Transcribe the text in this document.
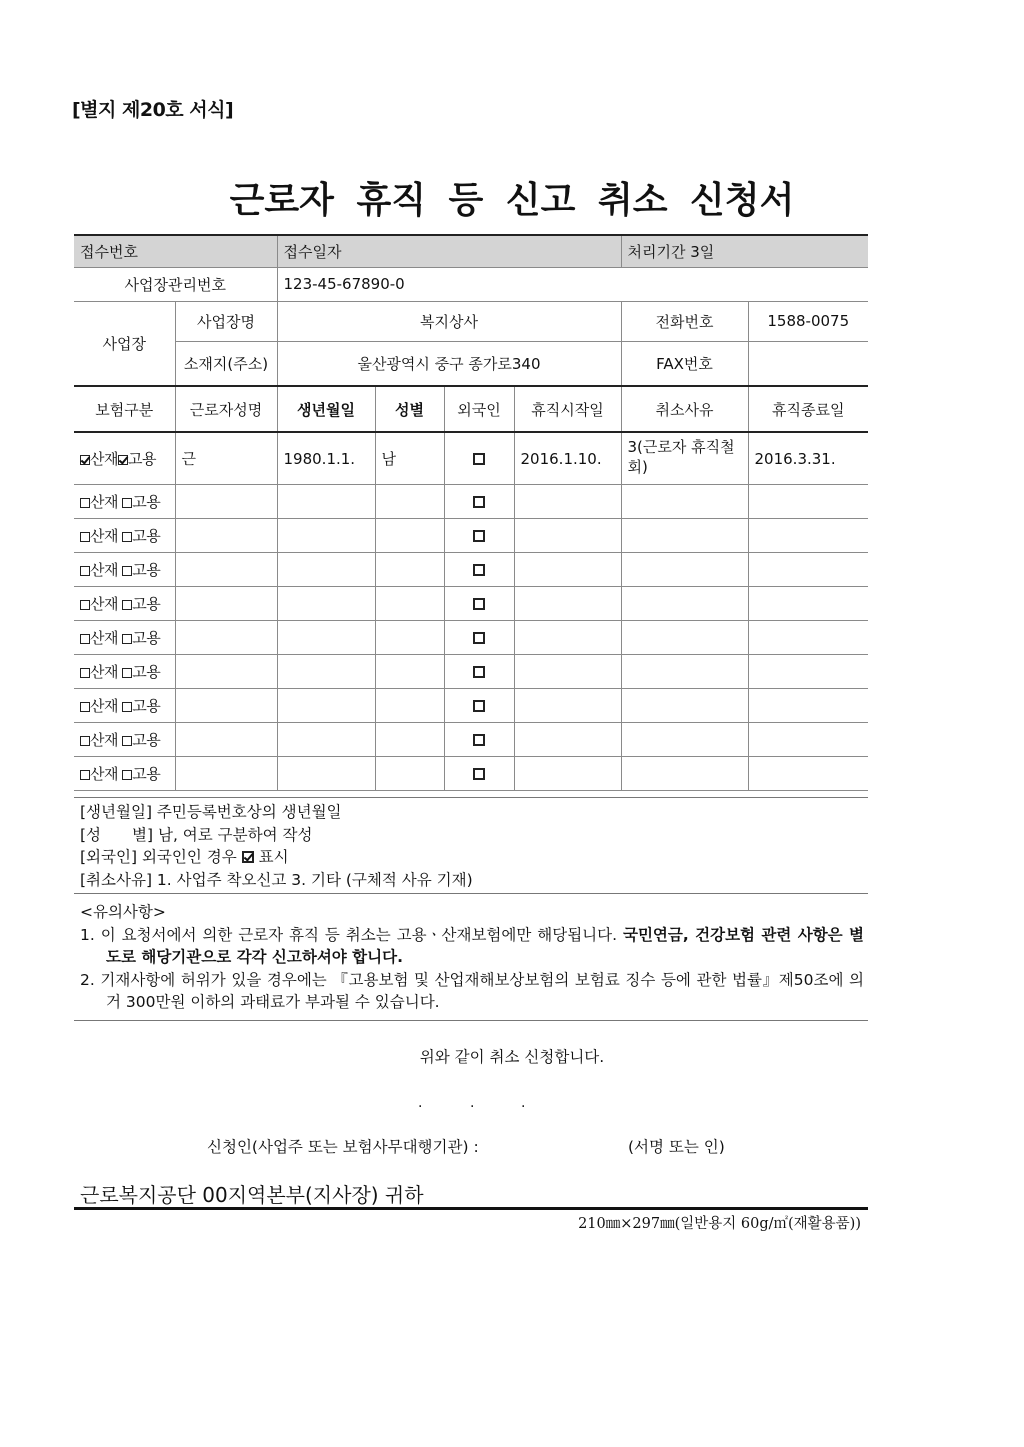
[별지 제20호 서식]
근로자 휴직 등 신고 취소 신청서
접수번호		접수일자	처리기간 3일	
사업장관리번호		123-45-67890-0		
사업장	사업장명	복지상사	전화번호	1588-0075
	소재지(주소)	울산광역시 중구 종가로340	FAX번호	
보험구분	근로자성명	생년월일	성별	외국인	휴직시작일	취소사유	휴직종료일
산재 고용	근	1980.1.1.	남		2016.1.10.	3(근로자 휴직철회)	2016.3.31.
산재 고용							
산재 고용							
산재 고용							
산재 고용							
산재 고용							
산재 고용							
산재 고용							
산재 고용							
산재 고용							
[생년월일] 주민등록번호상의 생년월일
[성　　별] 남, 여로 구분하여 작성
[외국인] 외국인인 경우 표시
[취소사유] 1. 사업주 착오신고 3. 기타 (구체적 사유 기재)
<유의사항>
1. 이 요청서에서 의한 근로자 휴직 등 취소는 고용ㆍ산재보험에만 해당됩니다. 국민연금, 건강보험 관련 사항은 별도로 해당기관으로 각각 신고하셔야 합니다.
2. 기재사항에 허위가 있을 경우에는 『고용보험 및 산업재해보상보험의 보험료 징수 등에 관한 법률』제50조에 의거 300만원 이하의 과태료가 부과될 수 있습니다.
위와 같이 취소 신청합니다.
.	.	.
신청인(사업주 또는 보험사무대행기관) :	(서명 또는 인)
근로복지공단 00지역본부(지사장) 귀하
210㎜×297㎜(일반용지 60g/㎡(재활용품))
